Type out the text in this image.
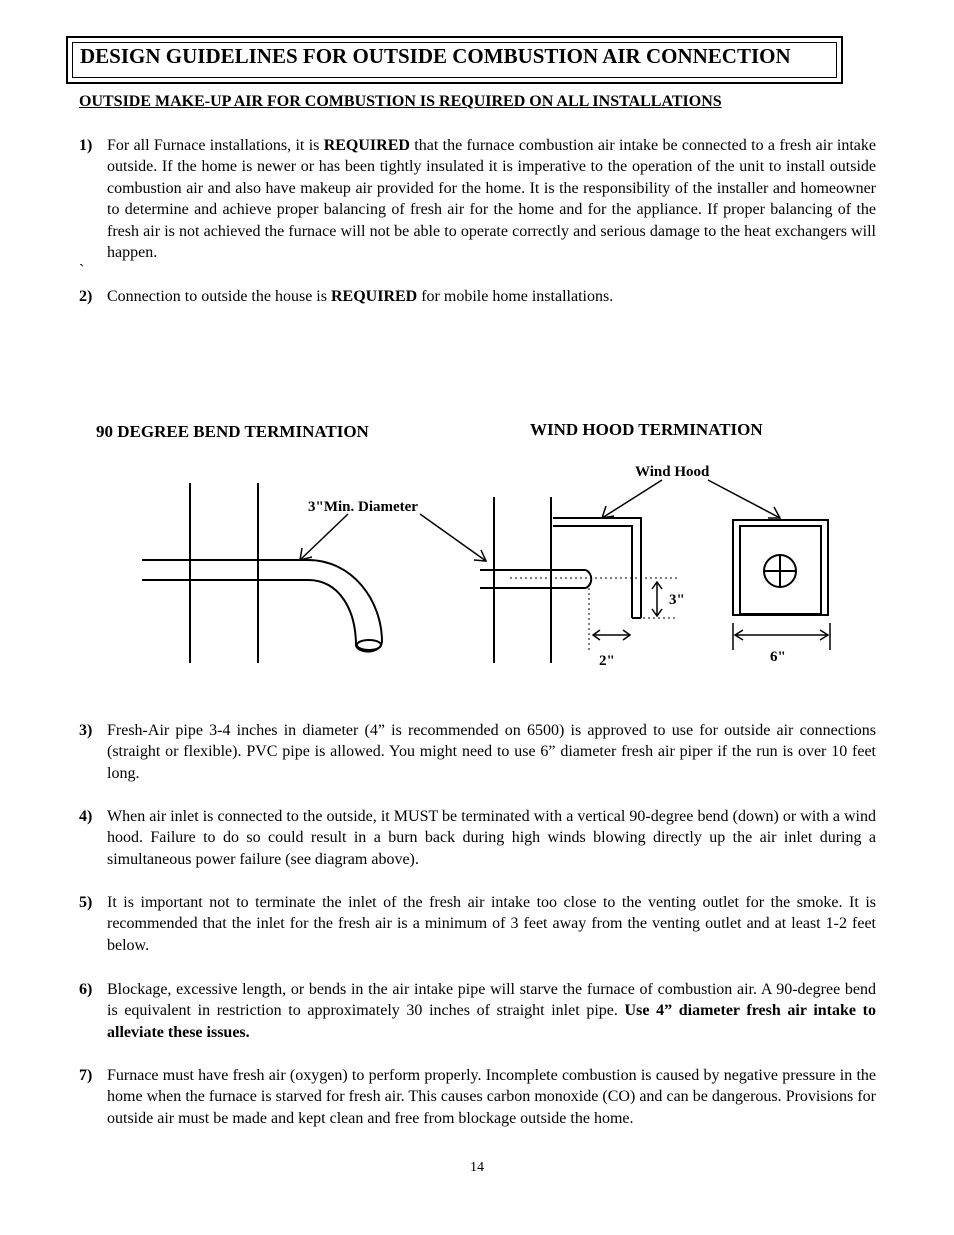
DESIGN GUIDELINES FOR OUTSIDE COMBUSTION AIR CONNECTION
OUTSIDE MAKE-UP AIR FOR COMBUSTION IS REQUIRED ON ALL INSTALLATIONS
1) For all Furnace installations, it is REQUIRED that the furnace combustion air intake be connected to a fresh air intake outside. If the home is newer or has been tightly insulated it is imperative to the operation of the unit to install outside combustion air and also have makeup air provided for the home. It is the responsibility of the installer and homeowner to determine and achieve proper balancing of fresh air for the home and for the appliance. If proper balancing of the fresh air is not achieved the furnace will not be able to operate correctly and serious damage to the heat exchangers will happen.
`
2) Connection to outside the house is REQUIRED for mobile home installations.
90 DEGREE BEND TERMINATION	WIND HOOD TERMINATION
3"Min. Diameter
Wind Hood
3"
2"	6"
3) Fresh-Air pipe 3-4 inches in diameter (4” is recommended on 6500) is approved to use for outside air connections (straight or flexible). PVC pipe is allowed. You might need to use 6” diameter fresh air piper if the run is over 10 feet long.
4) When air inlet is connected to the outside, it MUST be terminated with a vertical 90-degree bend (down) or with a wind hood. Failure to do so could result in a burn back during high winds blowing directly up the air inlet during a simultaneous power failure (see diagram above).
5) It is important not to terminate the inlet of the fresh air intake too close to the venting outlet for the smoke. It is recommended that the inlet for the fresh air is a minimum of 3 feet away from the venting outlet and at least 1-2 feet below.
6) Blockage, excessive length, or bends in the air intake pipe will starve the furnace of combustion air. A 90-degree bend is equivalent in restriction to approximately 30 inches of straight inlet pipe. Use 4” diameter fresh air intake to alleviate these issues.
7) Furnace must have fresh air (oxygen) to perform properly. Incomplete combustion is caused by negative pressure in the home when the furnace is starved for fresh air. This causes carbon monoxide (CO) and can be dangerous. Provisions for outside air must be made and kept clean and free from blockage outside the home.
14
